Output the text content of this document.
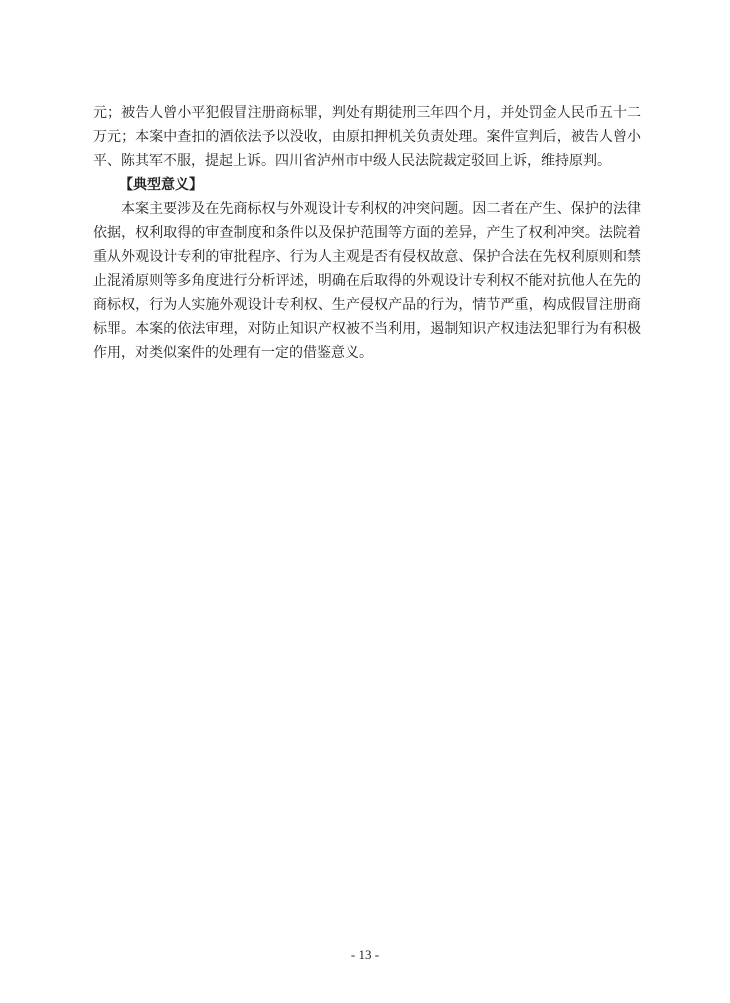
元；被告人曾小平犯假冒注册商标罪，判处有期徒刑三年四个月，并处罚金人民币五十二
万元；本案中查扣的酒依法予以没收，由原扣押机关负责处理。案件宣判后，被告人曾小
平、陈其军不服，提起上诉。四川省泸州市中级人民法院裁定驳回上诉，维持原判。
【典型意义】
本案主要涉及在先商标权与外观设计专利权的冲突问题。因二者在产生、保护的法律
依据，权利取得的审查制度和条件以及保护范围等方面的差异，产生了权利冲突。法院着
重从外观设计专利的审批程序、行为人主观是否有侵权故意、保护合法在先权利原则和禁
止混淆原则等多角度进行分析评述，明确在后取得的外观设计专利权不能对抗他人在先的
商标权，行为人实施外观设计专利权、生产侵权产品的行为，情节严重，构成假冒注册商
标罪。本案的依法审理，对防止知识产权被不当利用，遏制知识产权违法犯罪行为有积极
作用，对类似案件的处理有一定的借鉴意义。
- 13 -
